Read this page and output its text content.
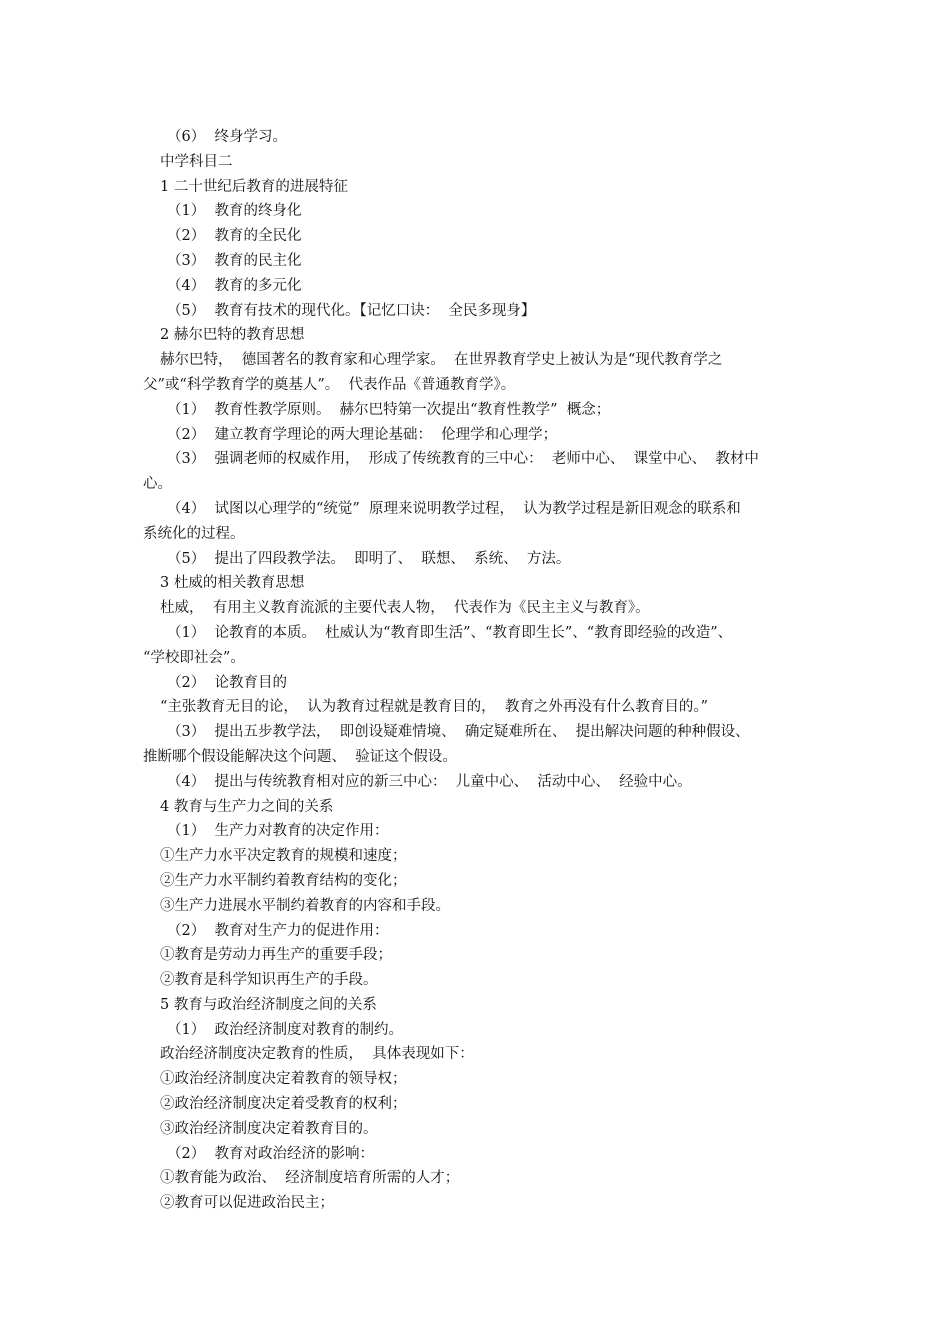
（6）  终身学习。
中学科目二
1 二十世纪后教育的进展特征
（1）  教育的终身化
（2）  教育的全民化
（3）  教育的民主化
（4）  教育的多元化
（5）  教育有技术的现代化。【记忆口诀：  全民多现身】
2 赫尔巴特的教育思想
赫尔巴特，  德国著名的教育家和心理学家。  在世界教育学史上被认为是“现代教育学之
父”或“科学教育学的奠基人”。  代表作品《普通教育学》。
（1）  教育性教学原则。  赫尔巴特第一次提出“教育性教学”  概念；
（2）  建立教育学理论的两大理论基础：  伦理学和心理学；
（3）  强调老师的权威作用，  形成了传统教育的三中心：  老师中心、  课堂中心、  教材中
心。
（4）  试图以心理学的“统觉”  原理来说明教学过程，  认为教学过程是新旧观念的联系和
系统化的过程。
（5）  提出了四段教学法。  即明了、  联想、  系统、  方法。
3 杜威的相关教育思想
杜威，  有用主义教育流派的主要代表人物，  代表作为《民主主义与教育》。
（1）  论教育的本质。  杜威认为“教育即生活”、“教育即生长”、“教育即经验的改造”、
“学校即社会”。
（2）  论教育目的
“主张教育无目的论，  认为教育过程就是教育目的，  教育之外再没有什么教育目的。”
（3）  提出五步教学法，  即创设疑难情境、  确定疑难所在、  提出解决问题的种种假设、
推断哪个假设能解决这个问题、  验证这个假设。
（4）  提出与传统教育相对应的新三中心：  儿童中心、  活动中心、  经验中心。
4 教育与生产力之间的关系
（1）  生产力对教育的决定作用：
①生产力水平决定教育的规模和速度；
②生产力水平制约着教育结构的变化；
③生产力进展水平制约着教育的内容和手段。
（2）  教育对生产力的促进作用：
①教育是劳动力再生产的重要手段；
②教育是科学知识再生产的手段。
5 教育与政治经济制度之间的关系
（1）  政治经济制度对教育的制约。
政治经济制度决定教育的性质，  具体表现如下：
①政治经济制度决定着教育的领导权；
②政治经济制度决定着受教育的权利；
③政治经济制度决定着教育目的。
（2）  教育对政治经济的影响：
①教育能为政治、  经济制度培育所需的人才；
②教育可以促进政治民主；
